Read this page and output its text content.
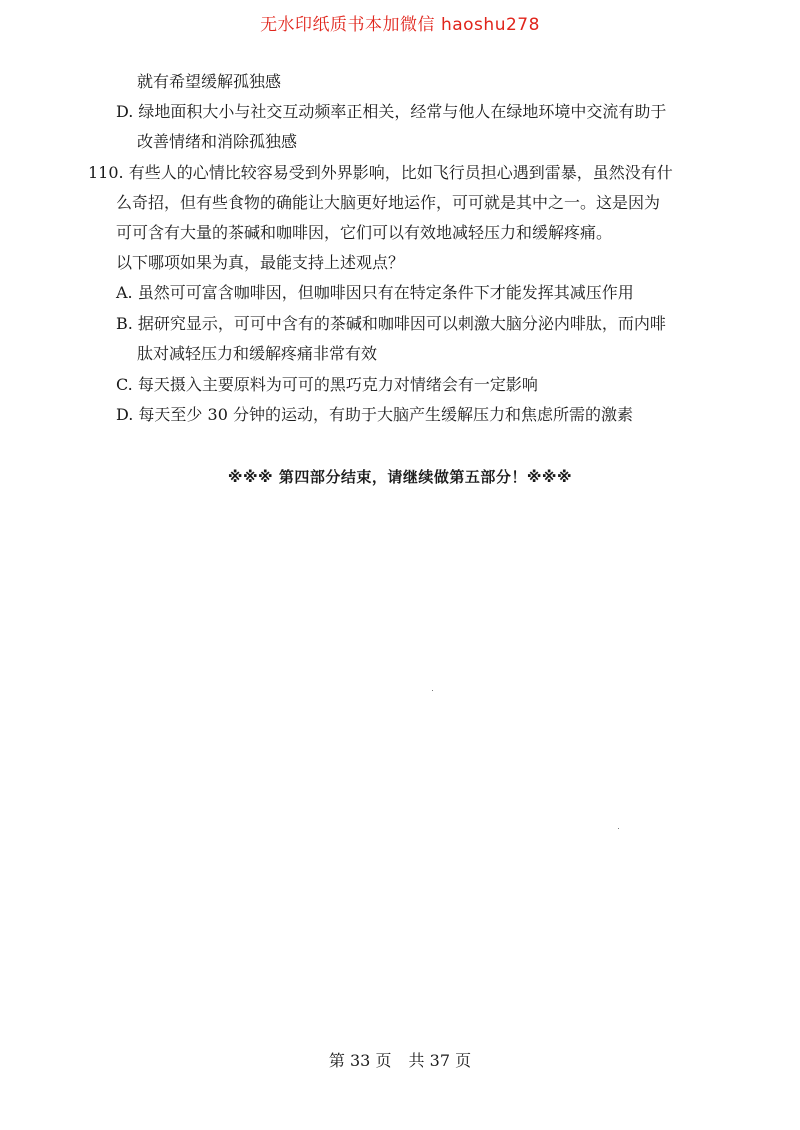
无水印纸质书本加微信 haoshu278
就有希望缓解孤独感
D. 绿地面积大小与社交互动频率正相关，经常与他人在绿地环境中交流有助于
改善情绪和消除孤独感
110. 有些人的心情比较容易受到外界影响，比如飞行员担心遇到雷暴，虽然没有什
么奇招，但有些食物的确能让大脑更好地运作，可可就是其中之一。这是因为
可可含有大量的茶碱和咖啡因，它们可以有效地减轻压力和缓解疼痛。
以下哪项如果为真，最能支持上述观点？
A. 虽然可可富含咖啡因，但咖啡因只有在特定条件下才能发挥其减压作用
B. 据研究显示，可可中含有的茶碱和咖啡因可以刺激大脑分泌内啡肽，而内啡
肽对减轻压力和缓解疼痛非常有效
C. 每天摄入主要原料为可可的黑巧克力对情绪会有一定影响
D. 每天至少 30 分钟的运动，有助于大脑产生缓解压力和焦虑所需的激素
※※※ 第四部分结束，请继续做第五部分！※※※
第 33 页 共 37 页
